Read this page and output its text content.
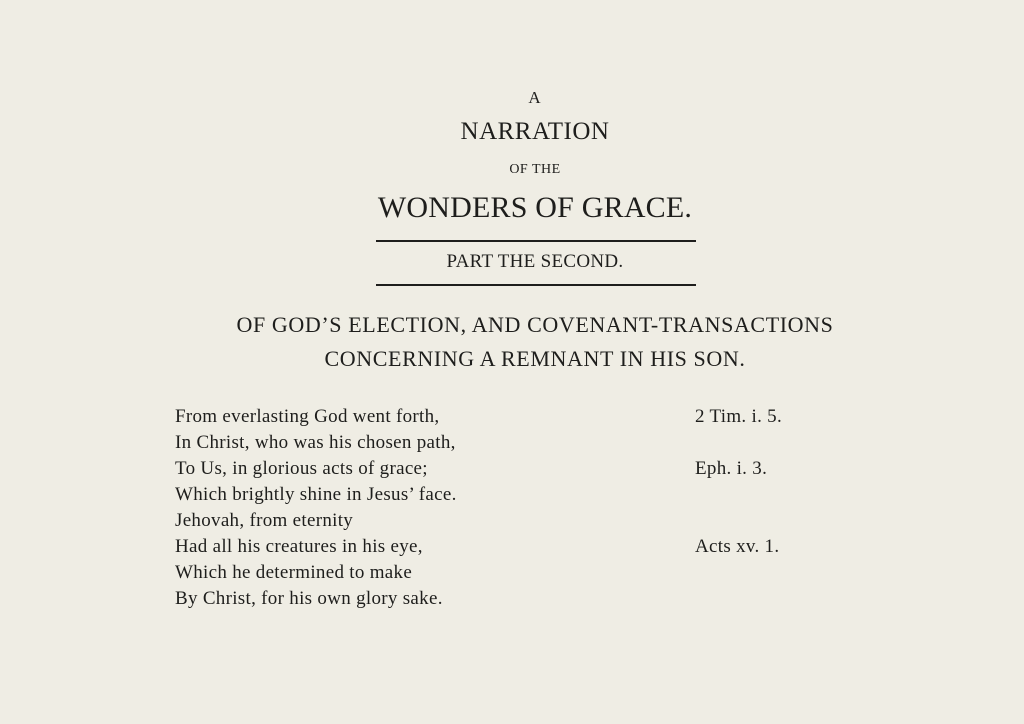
A
NARRATION
OF THE
WONDERS OF GRACE.
PART THE SECOND.
OF GOD’S ELECTION, AND COVENANT-TRANSACTIONS
CONCERNING A REMNANT IN HIS SON.
From everlasting God went forth,	2 Tim. i. 5.
In Christ, who was his chosen path,
To Us, in glorious acts of grace;	Eph. i. 3.
Which brightly shine in Jesus’ face.
Jehovah, from eternity
Had all his creatures in his eye,	Acts xv. 1.
Which he determined to make
By Christ, for his own glory sake.
